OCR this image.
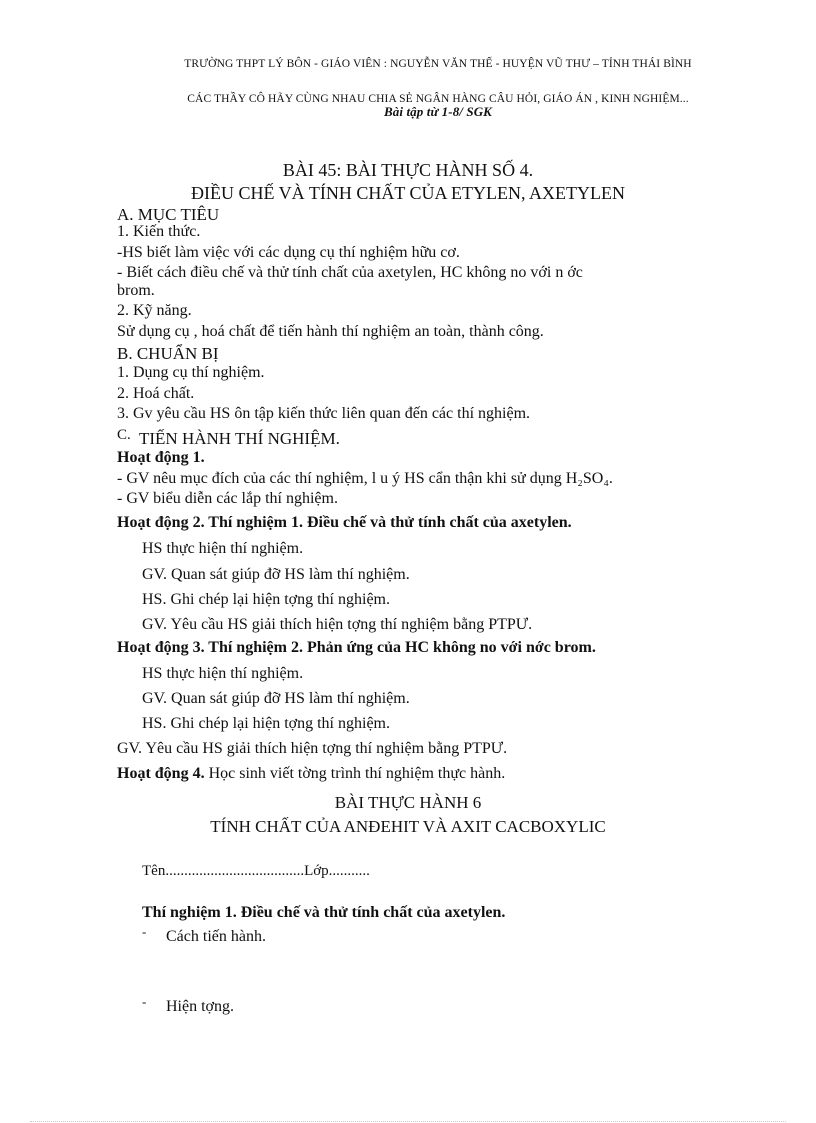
TRƯỜNG THPT LÝ BÔN - GIÁO VIÊN : NGUYỄN VĂN THẾ - HUYỆN VŨ THƯ – TỈNH THÁI BÌNH
CÁC THẦY CÔ HÃY CÙNG NHAU CHIA SẺ NGÂN HÀNG CÂU HỎI, GIÁO ÁN , KINH NGHIỆM...
Bài tập từ 1-8/ SGK
BÀI 45: BÀI THỰC HÀNH SỐ 4.
ĐIỀU CHẾ VÀ TÍNH CHẤT CỦA ETYLEN, AXETYLEN
A. MỤC TIÊU
1. Kiến thức.
-HS biết làm việc với các dụng cụ thí nghiệm hữu cơ.
- Biết cách điều chế và thử tính chất của axetylen, HC không no với n ớc
brom.
2. Kỹ năng.
Sử dụng cụ , hoá chất để tiến hành thí nghiệm an toàn, thành công.
B. CHUẨN BỊ
1. Dụng cụ thí nghiệm.
2. Hoá chất.
3. Gv yêu cầu HS ôn tập kiến thức liên quan đến các thí nghiệm.
C. TIẾN HÀNH THÍ NGHIỆM.
Hoạt động 1.
- GV nêu mục đích của các thí nghiệm, l u ý HS cẩn thận khi sử dụng H₂SO₄.
- GV biểu diễn các lắp thí nghiệm.
Hoạt động 2. Thí nghiệm 1. Điều chế và thử tính chất của axetylen.
HS thực hiện thí nghiệm.
GV. Quan sát giúp đỡ HS làm thí nghiệm.
HS. Ghi chép lại hiện tợng thí nghiệm.
GV. Yêu cầu HS giải thích hiện tợng thí nghiệm bằng PTPƯ.
Hoạt động 3. Thí nghiệm 2. Phản ứng của HC không no với nớc brom.
HS thực hiện thí nghiệm.
GV. Quan sát giúp đỡ HS làm thí nghiệm.
HS. Ghi chép lại hiện tợng thí nghiệm.
GV. Yêu cầu HS giải thích hiện tợng thí nghiệm bằng PTPƯ.
Hoạt động 4. Học sinh viết tờng trình thí nghiệm thực hành.
BÀI THỰC HÀNH 6
TÍNH CHẤT CỦA ANĐEHIT VÀ AXIT CACBOXYLIC
Tên.....................................Lớp...........
Thí nghiệm 1. Điều chế và thử tính chất của axetylen.
- Cách tiến hành.
- Hiện tợng.
